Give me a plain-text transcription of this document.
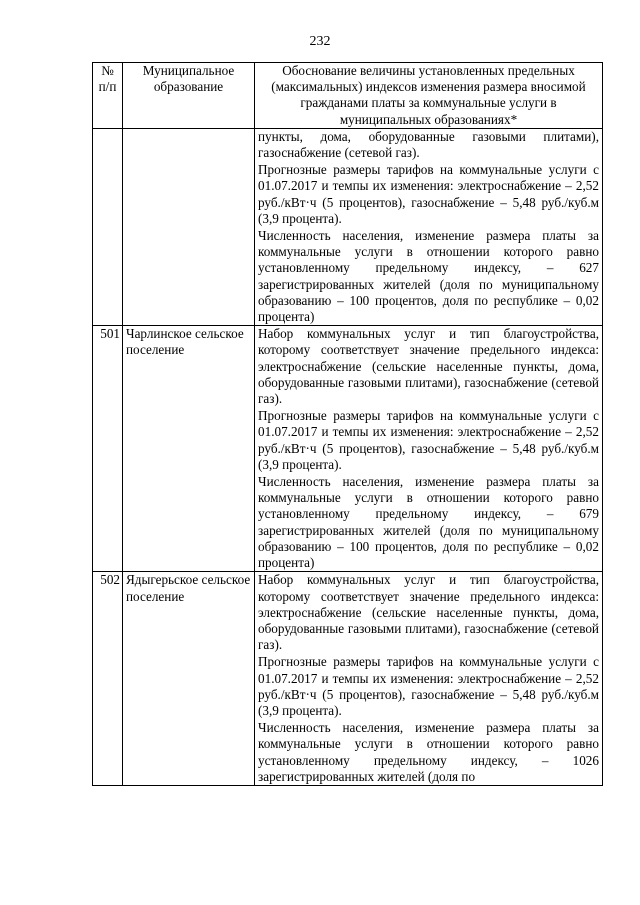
232
№ п/п	Муниципальное образование	Обоснование величины установленных предельных (максимальных) индексов изменения размера вносимой гражданами платы за коммунальные услуги в муниципальных образованиях*

		пункты, дома, оборудованные газовыми плитами), газоснабжение (сетевой газ).
Прогнозные размеры тарифов на коммунальные услуги с 01.07.2017 и темпы их изменения: электроснабжение – 2,52 руб./кВт·ч (5 процентов), газоснабжение – 5,48 руб./куб.м (3,9 процента).
Численность населения, изменение размера платы за коммунальные услуги в отношении которого равно установленному предельному индексу, – 627 зарегистрированных жителей (доля по муниципальному образованию – 100 процентов, доля по республике – 0,02 процента)

501	Чарлинское сельское поселение	Набор коммунальных услуг и тип благоустройства, которому соответствует значение предельного индекса: электроснабжение (сельские населенные пункты, дома, оборудованные газовыми плитами), газоснабжение (сетевой газ).
Прогнозные размеры тарифов на коммунальные услуги с 01.07.2017 и темпы их изменения: электроснабжение – 2,52 руб./кВт·ч (5 процентов), газоснабжение – 5,48 руб./куб.м (3,9 процента).
Численность населения, изменение размера платы за коммунальные услуги в отношении которого равно установленному предельному индексу, – 679 зарегистрированных жителей (доля по муниципальному образованию – 100 процентов, доля по республике – 0,02 процента)

502	Ядыгерьское сельское поселение	Набор коммунальных услуг и тип благоустройства, которому соответствует значение предельного индекса: электроснабжение (сельские населенные пункты, дома, оборудованные газовыми плитами), газоснабжение (сетевой газ).
Прогнозные размеры тарифов на коммунальные услуги с 01.07.2017 и темпы их изменения: электроснабжение – 2,52 руб./кВт·ч (5 процентов), газоснабжение – 5,48 руб./куб.м (3,9 процента).
Численность населения, изменение размера платы за коммунальные услуги в отношении которого равно установленному предельному индексу, – 1026 зарегистрированных жителей (доля по
